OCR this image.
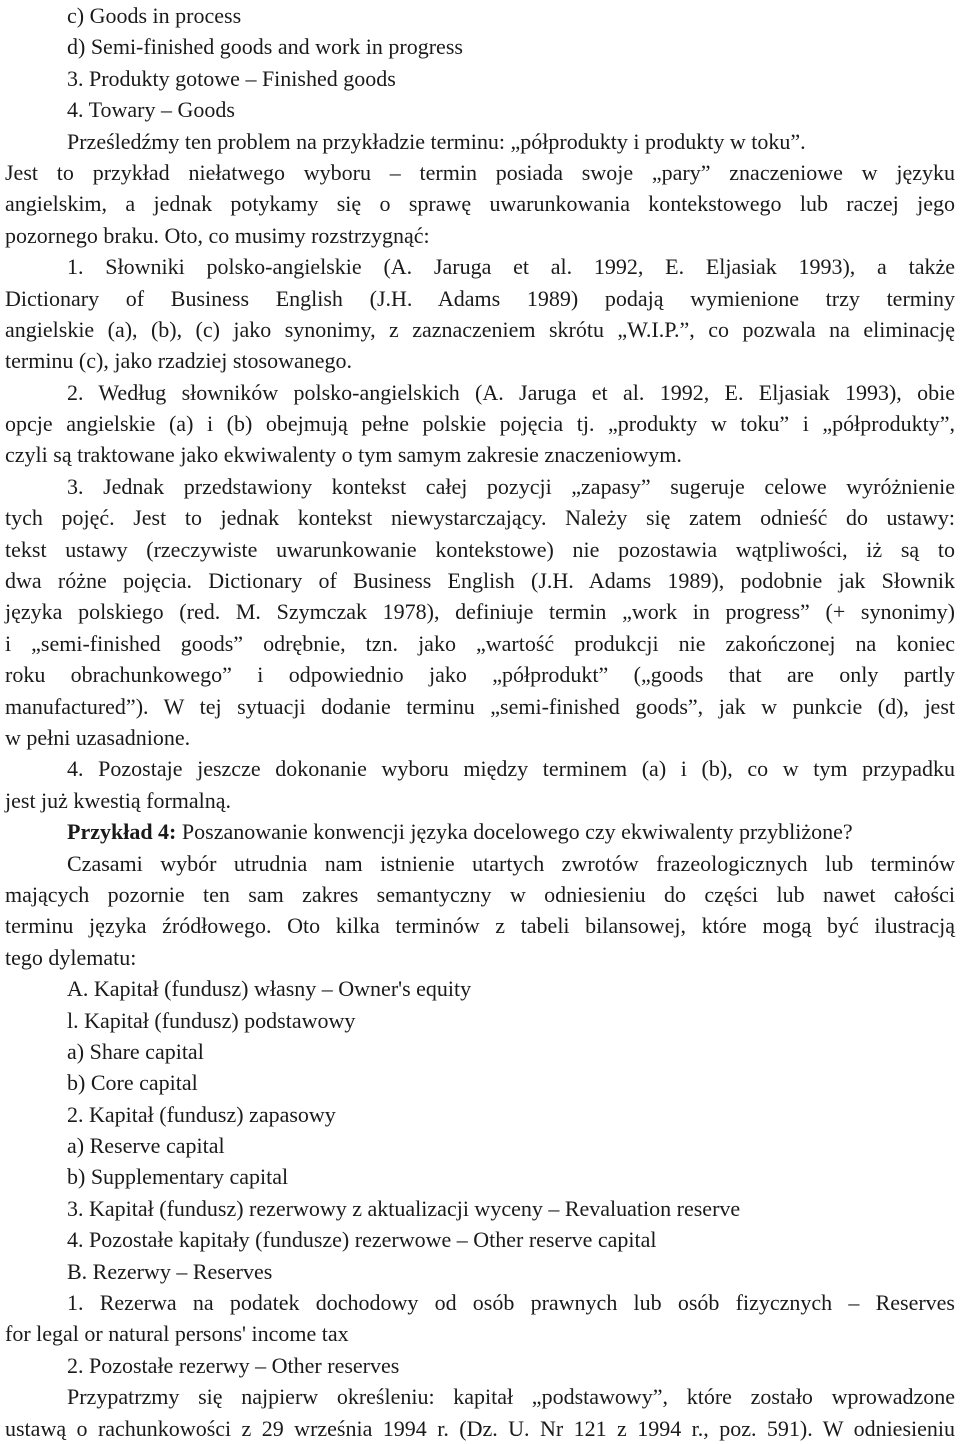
c) Goods in process
d) Semi-finished goods and work in progress
3. Produkty gotowe – Finished goods
4. Towary – Goods
Prześledźmy ten problem na przykładzie terminu: „półprodukty i produkty w toku”.
Jest to przykład niełatwego wyboru – termin posiada swoje „pary” znaczeniowe w języku
angielskim, a jednak potykamy się o sprawę uwarunkowania kontekstowego lub raczej jego
pozornego braku. Oto, co musimy rozstrzygnąć:
1. Słowniki polsko-angielskie (A. Jaruga et al. 1992, E. Eljasiak 1993), a także
Dictionary of Business English (J.H. Adams 1989) podają wymienione trzy terminy
angielskie (a), (b), (c) jako synonimy, z zaznaczeniem skrótu „W.I.P.”, co pozwala na eliminację
terminu (c), jako rzadziej stosowanego.
2. Według słowników polsko-angielskich (A. Jaruga et al. 1992, E. Eljasiak 1993), obie
opcje angielskie (a) i (b) obejmują pełne polskie pojęcia tj. „produkty w toku” i „półprodukty”,
czyli są traktowane jako ekwiwalenty o tym samym zakresie znaczeniowym.
3. Jednak przedstawiony kontekst całej pozycji „zapasy” sugeruje celowe wyróżnienie
tych pojęć. Jest to jednak kontekst niewystarczający. Należy się zatem odnieść do ustawy:
tekst ustawy (rzeczywiste uwarunkowanie kontekstowe) nie pozostawia wątpliwości, iż są to
dwa różne pojęcia. Dictionary of Business English (J.H. Adams 1989), podobnie jak Słownik
języka polskiego (red. M. Szymczak 1978), definiuje termin „work in progress” (+ synonimy)
i „semi-finished goods” odrębnie, tzn. jako „wartość produkcji nie zakończonej na koniec
roku obrachunkowego” i odpowiednio jako „półprodukt” („goods that are only partly
manufactured”). W tej sytuacji dodanie terminu „semi-finished goods”, jak w punkcie (d), jest
w pełni uzasadnione.
4. Pozostaje jeszcze dokonanie wyboru między terminem (a) i (b), co w tym przypadku
jest już kwestią formalną.
Przykład 4: Poszanowanie konwencji języka docelowego czy ekwiwalenty przybliżone?
Czasami wybór utrudnia nam istnienie utartych zwrotów frazeologicznych lub terminów
mających pozornie ten sam zakres semantyczny w odniesieniu do części lub nawet całości
terminu języka źródłowego. Oto kilka terminów z tabeli bilansowej, które mogą być ilustracją
tego dylematu:
A. Kapitał (fundusz) własny – Owner's equity
l. Kapitał (fundusz) podstawowy
a) Share capital
b) Core capital
2. Kapitał (fundusz) zapasowy
a) Reserve capital
b) Supplementary capital
3. Kapitał (fundusz) rezerwowy z aktualizacji wyceny – Revaluation reserve
4. Pozostałe kapitały (fundusze) rezerwowe – Other reserve capital
B. Rezerwy – Reserves
1. Rezerwa na podatek dochodowy od osób prawnych lub osób fizycznych – Reserves
for legal or natural persons' income tax
2. Pozostałe rezerwy – Other reserves
Przypatrzmy się najpierw określeniu: kapitał „podstawowy”, które zostało wprowadzone
ustawą o rachunkowości z 29 września 1994 r. (Dz. U. Nr 121 z 1994 r., poz. 591). W odniesieniu
